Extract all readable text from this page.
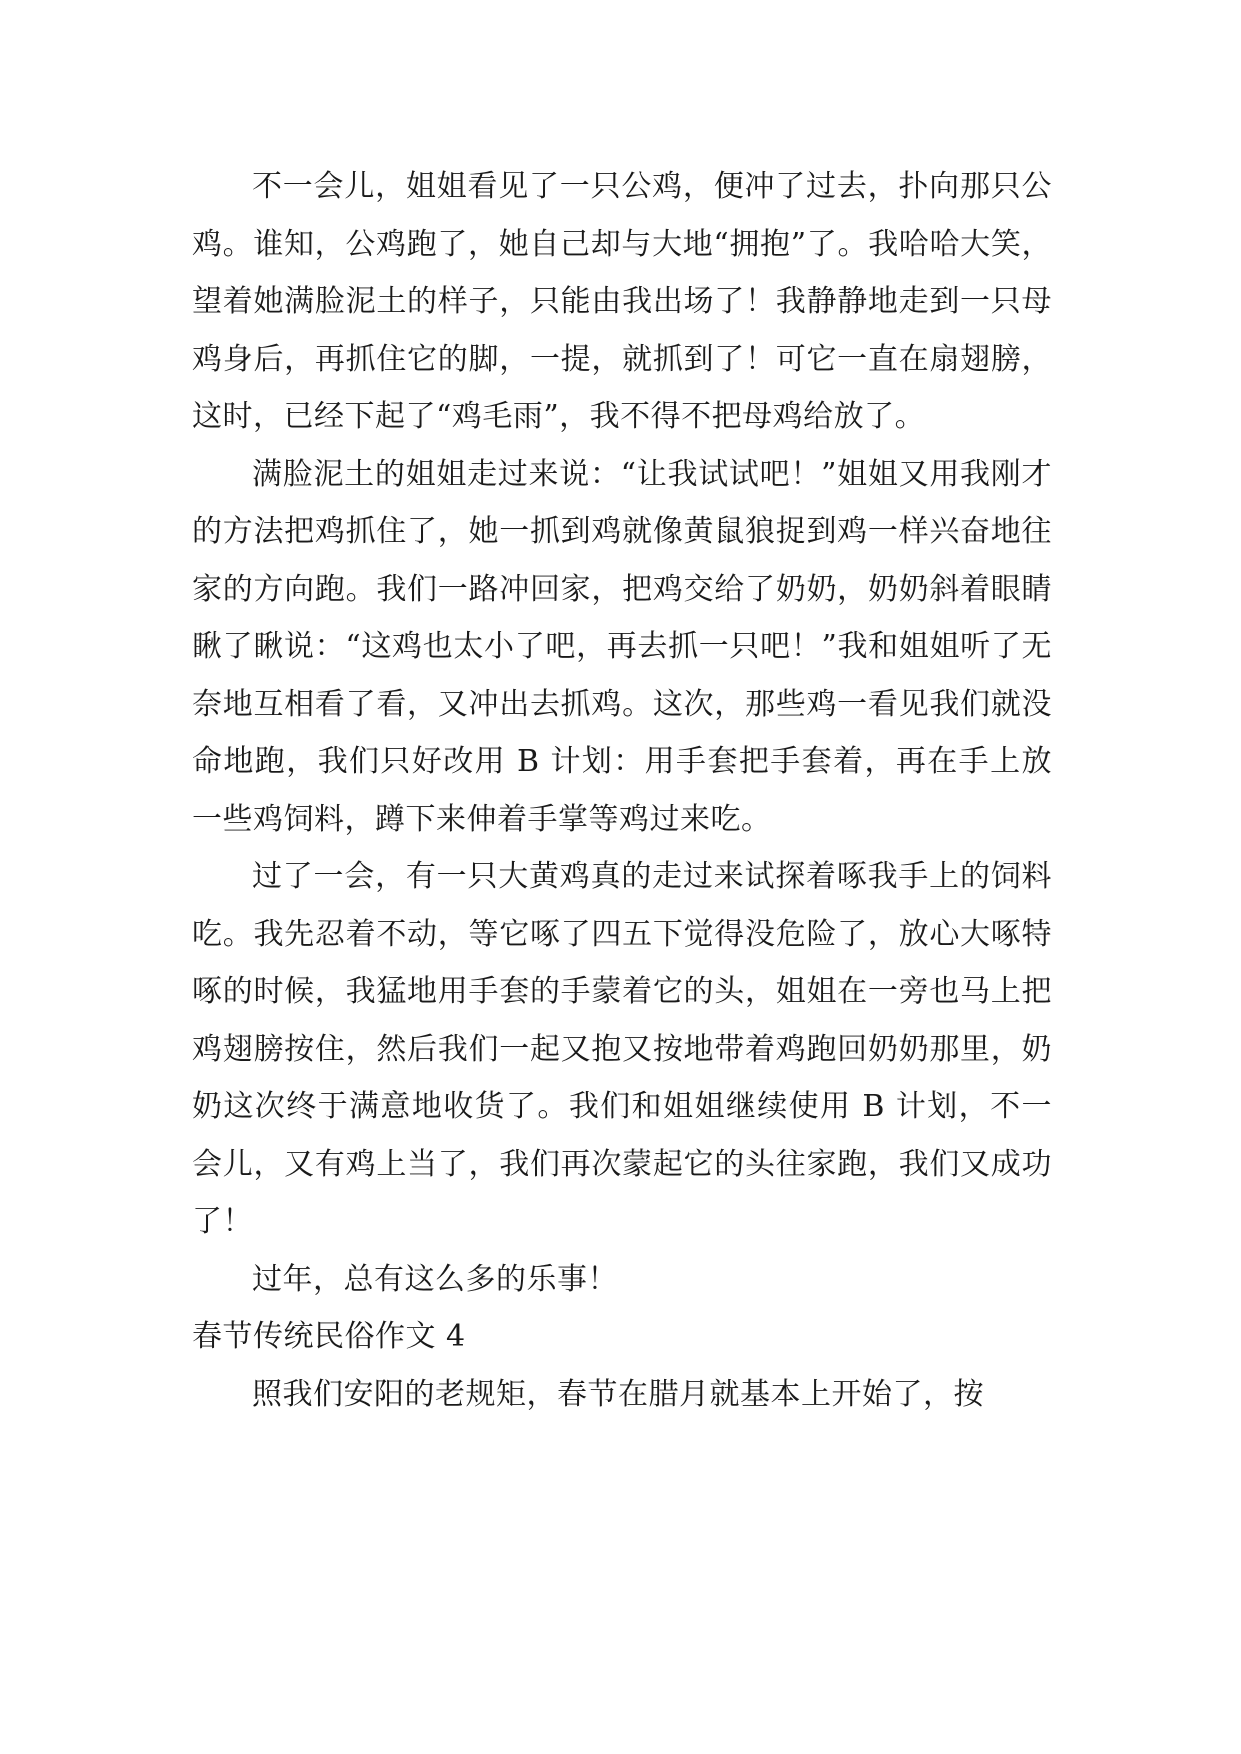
不一会儿，姐姐看见了一只公鸡，便冲了过去，扑向那只公鸡。谁知，公鸡跑了，她自己却与大地“拥抱”了。我哈哈大笑，望着她满脸泥土的样子，只能由我出场了！我静静地走到一只母鸡身后，再抓住它的脚，一提，就抓到了！可它一直在扇翅膀，这时，已经下起了“鸡毛雨”，我不得不把母鸡给放了。

满脸泥土的姐姐走过来说：“让我试试吧！”姐姐又用我刚才的方法把鸡抓住了，她一抓到鸡就像黄鼠狼捉到鸡一样兴奋地往家的方向跑。我们一路冲回家，把鸡交给了奶奶，奶奶斜着眼睛瞅了瞅说：“这鸡也太小了吧，再去抓一只吧！”我和姐姐听了无奈地互相看了看，又冲出去抓鸡。这次，那些鸡一看见我们就没命地跑，我们只好改用 B 计划：用手套把手套着，再在手上放一些鸡饲料，蹲下来伸着手掌等鸡过来吃。

过了一会，有一只大黄鸡真的走过来试探着啄我手上的饲料吃。我先忍着不动，等它啄了四五下觉得没危险了，放心大啄特啄的时候，我猛地用手套的手蒙着它的头，姐姐在一旁也马上把鸡翅膀按住，然后我们一起又抱又按地带着鸡跑回奶奶那里，奶奶这次终于满意地收货了。我们和姐姐继续使用 B 计划，不一会儿，又有鸡上当了，我们再次蒙起它的头往家跑，我们又成功了！

过年，总有这么多的乐事！

春节传统民俗作文 4

照我们安阳的老规矩，春节在腊月就基本上开始了，按
